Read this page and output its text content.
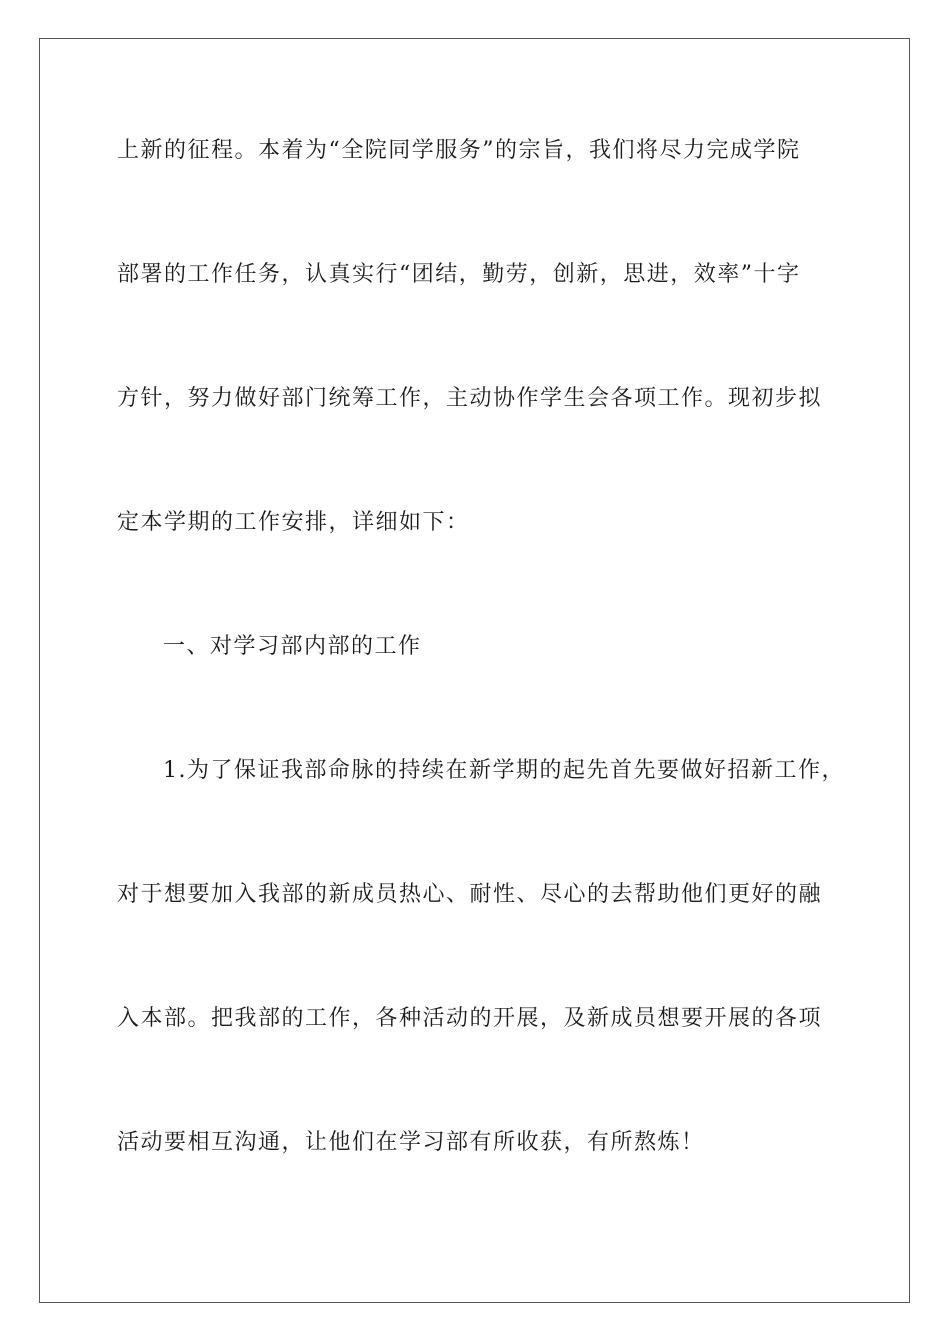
上新的征程。本着为“全院同学服务”的宗旨，我们将尽力完成学院
部署的工作任务，认真实行“团结，勤劳，创新，思进，效率”十字
方针，努力做好部门统筹工作，主动协作学生会各项工作。现初步拟
定本学期的工作安排，详细如下：
一、对学习部内部的工作
1.为了保证我部命脉的持续在新学期的起先首先要做好招新工作，
对于想要加入我部的新成员热心、耐性、尽心的去帮助他们更好的融
入本部。把我部的工作，各种活动的开展，及新成员想要开展的各项
活动要相互沟通，让他们在学习部有所收获，有所熬炼！
